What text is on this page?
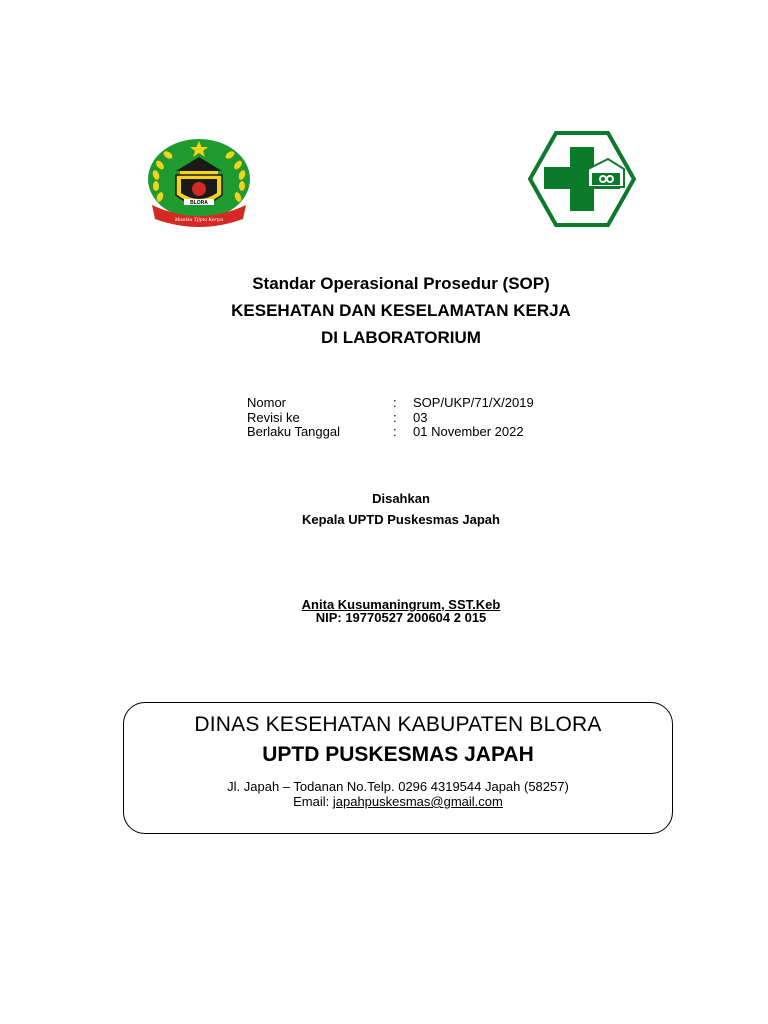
BLORA
Mustika Tjipta Kertya
Standar Operasional Prosedur (SOP)
KESEHATAN DAN KESELAMATAN KERJA
DI LABORATORIUM
Nomor	:	SOP/UKP/71/X/2019
Revisi ke	:	03
Berlaku Tanggal	:	01 November 2022
Disahkan
Kepala UPTD Puskesmas Japah
Anita Kusumaningrum, SST.Keb
NIP: 19770527 200604 2 015
DINAS KESEHATAN KABUPATEN BLORA
UPTD PUSKESMAS JAPAH
Jl. Japah – Todanan No.Telp. 0296 4319544 Japah (58257)
Email: japahpuskesmas@gmail.com
